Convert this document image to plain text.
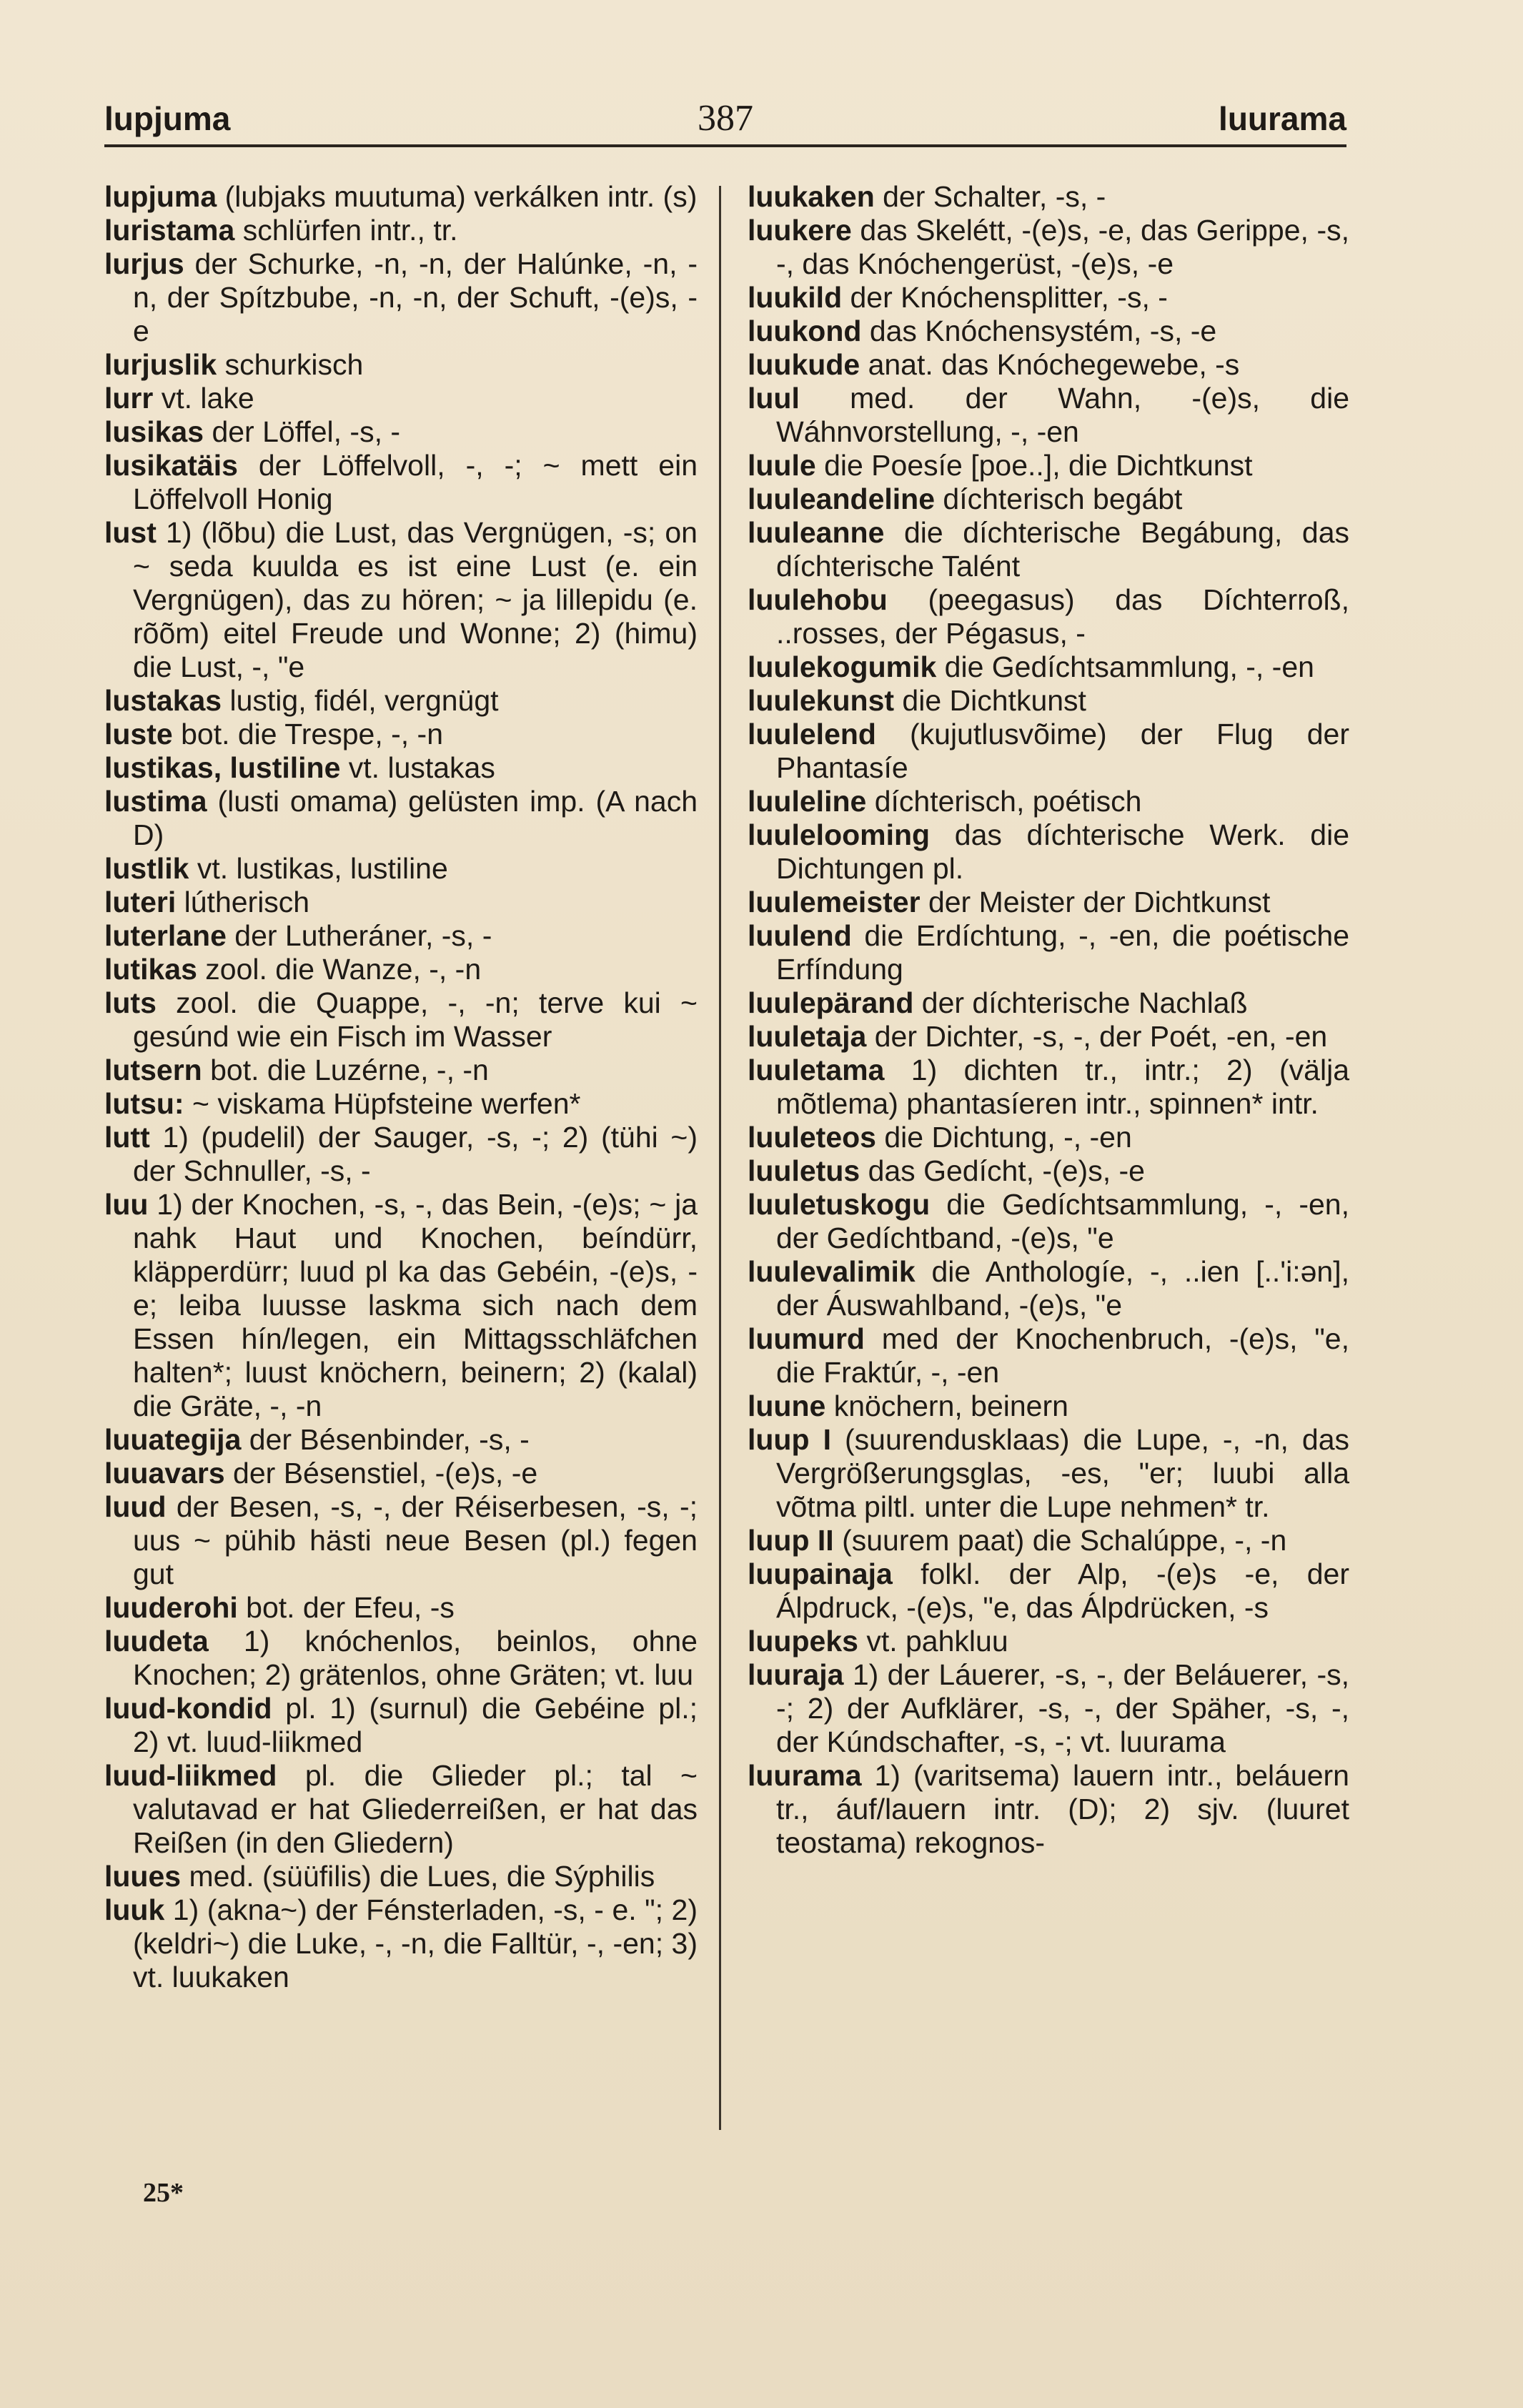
lupjuma	387	luurama

lupjuma (lubjaks muutuma) verkálken intr. (s)

luristama schlürfen intr., tr.

lurjus der Schurke, -n, -n, der Halúnke, -n, -n, der Spítzbube, -n, -n, der Schuft, -(e)s, -e

lurjuslik schurkisch

lurr vt. lake

lusikas der Löffel, -s, -

lusikatäis der Löffelvoll, -, -; ~ mett ein Löffelvoll Honig

lust 1) (lõbu) die Lust, das Vergnügen, -s; on ~ seda kuulda es ist eine Lust (e. ein Vergnügen), das zu hören; ~ ja lillepidu (e. rõõm) eitel Freude und Wonne; 2) (himu) die Lust, -, "e

lustakas lustig, fidél, vergnügt

luste bot. die Trespe, -, -n

lustikas, lustiline vt. lustakas

lustima (lusti omama) gelüsten imp. (A nach D)

lustlik vt. lustikas, lustiline

luteri lútherisch

luterlane der Lutheráner, -s, -

lutikas zool. die Wanze, -, -n

luts zool. die Quappe, -, -n; terve kui ~ gesúnd wie ein Fisch im Wasser

lutsern bot. die Luzérne, -, -n

lutsu: ~ viskama Hüpfsteine werfen*

lutt 1) (pudelil) der Sauger, -s, -; 2) (tühi ~) der Schnuller, -s, -

luu 1) der Knochen, -s, -, das Bein, -(e)s; ~ ja nahk Haut und Knochen, beíndürr, kläpperdürr; luud pl ka das Gebéin, -(e)s, -e; leiba luusse laskma sich nach dem Essen hín/legen, ein Mittagsschläfchen halten*; luust knöchern, beinern; 2) (kalal) die Gräte, -, -n

luuategija der Bésenbinder, -s, -

luuavars der Bésenstiel, -(e)s, -e

luud der Besen, -s, -, der Réiserbesen, -s, -; uus ~ pühib hästi neue Besen (pl.) fegen gut

luuderohi bot. der Efeu, -s

luudeta 1) knóchenlos, beinlos, ohne Knochen; 2) grätenlos, ohne Gräten; vt. luu

luud-kondid pl. 1) (surnul) die Gebéine pl.; 2) vt. luud-liikmed

luud-liikmed pl. die Glieder pl.; tal ~ valutavad er hat Gliederreißen, er hat das Reißen (in den Gliedern)

luues med. (süüfilis) die Lues, die Sýphilis

luuk 1) (akna~) der Fénsterladen, -s, - e. "; 2) (keldri~) die Luke, -, -n, die Falltür, -, -en; 3) vt. luukaken

luukaken der Schalter, -s, -

luukere das Skelétt, -(e)s, -e, das Gerippe, -s, -, das Knóchengerüst, -(e)s, -e

luukild der Knóchensplitter, -s, -

luukond das Knóchensystém, -s, -e

luukude anat. das Knóchegewebe, -s

luul med. der Wahn, -(e)s, die Wáhnvorstellung, -, -en

luule die Poesíe [poe..], die Dichtkunst

luuleandeline díchterisch begábt

luuleanne die díchterische Begábung, das díchterische Talént

luulehobu (peegasus) das Díchterroß, ..rosses, der Pégasus, -

luulekogumik die Gedíchtsammlung, -, -en

luulekunst die Dichtkunst

luulelend (kujutlusvõime) der Flug der Phantasíe

luuleline díchterisch, poétisch

luulelooming das díchterische Werk. die Dichtungen pl.

luulemeister der Meister der Dichtkunst

luulend die Erdíchtung, -, -en, die poétische Erfíndung

luulepärand der díchterische Nachlaß

luuletaja der Dichter, -s, -, der Poét, -en, -en

luuletama 1) dichten tr., intr.; 2) (välja mõtlema) phantasíeren intr., spinnen* intr.

luuleteos die Dichtung, -, -en

luuletus das Gedícht, -(e)s, -e

luuletuskogu die Gedíchtsammlung, -, -en, der Gedíchtband, -(e)s, "e

luulevalimik die Anthologíe, -, ..ien [..'i:ən], der Áuswahlband, -(e)s, "e

luumurd med der Knochenbruch, -(e)s, "e, die Fraktúr, -, -en

luune knöchern, beinern

luup I (suurendusklaas) die Lupe, -, -n, das Vergrößerungsglas, -es, "er; luubi alla võtma piltl. unter die Lupe nehmen* tr.

luup II (suurem paat) die Schalúppe, -, -n

luupainaja folkl. der Alp, -(e)s -e, der Álpdruck, -(e)s, "e, das Álpdrücken, -s

luupeks vt. pahkluu

luuraja 1) der Láuerer, -s, -, der Beláuerer, -s, -; 2) der Aufklärer, -s, -, der Späher, -s, -, der Kúndschafter, -s, -; vt. luurama

luurama 1) (varitsema) lauern intr., beláuern tr., áuf/lauern intr. (D); 2) sjv. (luuret teostama) rekognos-

25*
